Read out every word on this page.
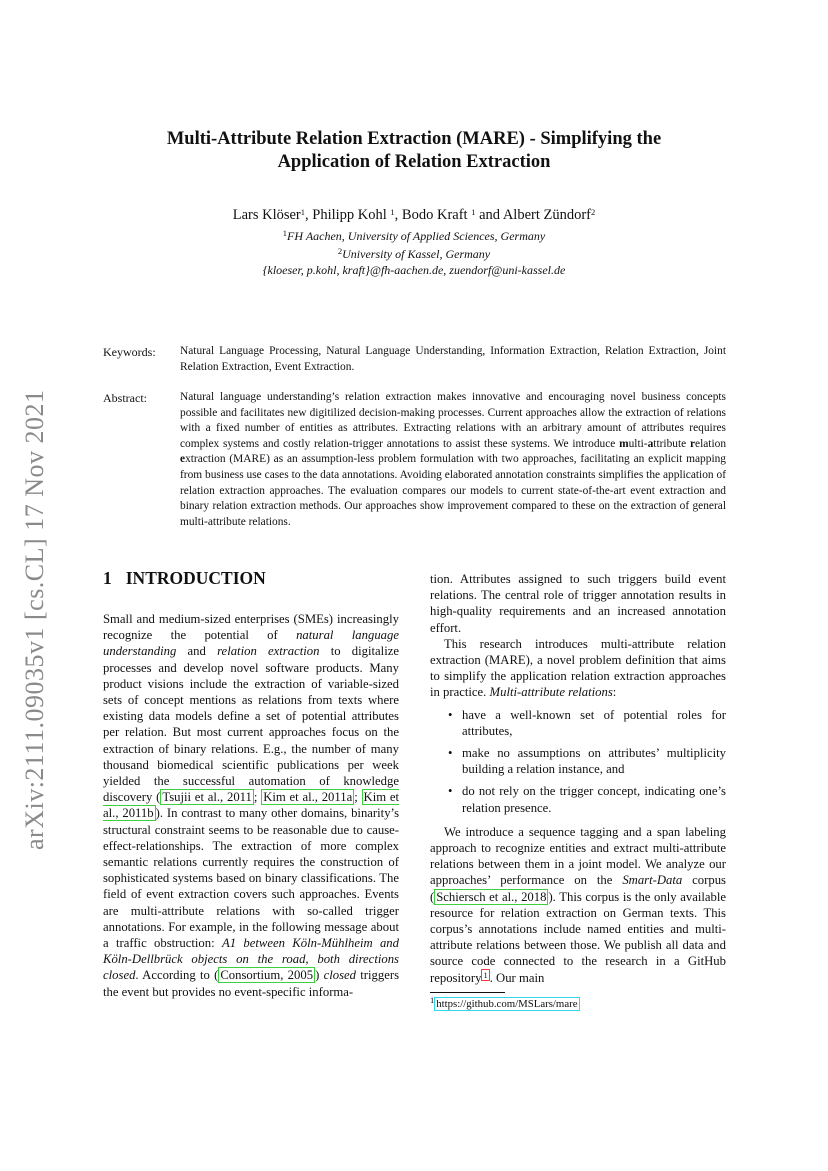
arXiv:2111.09035v1 [cs.CL] 17 Nov 2021
Multi-Attribute Relation Extraction (MARE) - Simplifying the
Application of Relation Extraction
Lars Klöser$^1$, Philipp Kohl $^1$, Bodo Kraft $^1$ and Albert Zündorf$^2$
$^1$FH Aachen, University of Applied Sciences, Germany
$^2$University of Kassel, Germany
{kloeser, p.kohl, kraft}@fh-aachen.de, zuendorf@uni-kassel.de
Keywords: Natural Language Processing, Natural Language Understanding, Information Extraction, Relation Extraction, Joint Relation Extraction, Event Extraction.
Abstract:	Natural language understanding’s relation extraction makes innovative and encouraging novel business concepts possible and facilitates new digitilized decision-making processes. Current approaches allow the extraction of relations with a fixed number of entities as attributes. Extracting relations with an arbitrary amount of attributes requires complex systems and costly relation-trigger annotations to assist these systems. We introduce multi-attribute relation extraction (MARE) as an assumption-less problem formulation with two approaches, facilitating an explicit mapping from business use cases to the data annotations. Avoiding elaborated annotation constraints simplifies the application of relation extraction approaches. The evaluation compares our models to current state-of-the-art event extraction and binary relation extraction methods. Our approaches show improvement compared to these on the extraction of general multi-attribute relations.
1 INTRODUCTION

Small and medium-sized enterprises (SMEs) increasingly recognize the potential of natural language understanding and relation extraction to digitalize processes and develop novel software products. Many product visions include the extraction of variable-sized sets of concept mentions as relations from texts where existing data models define a set of potential attributes per relation. But most current approaches focus on the extraction of binary relations. E.g., the number of many thousand biomedical scientific publications per week yielded the successful automation of knowledge discovery ( Tsujii et al., 2011 ; Kim et al., 2011a ; Kim et al., 2011b ). In contrast to many other domains, binarity’s structural constraint seems to be reasonable due to cause-effect-relationships. The extraction of more complex semantic relations currently requires the construction of sophisticated systems based on binary classifications. The field of event extraction covers such approaches. Events are multi-attribute relations with so-called trigger annotations. For example, in the following message about a traffic obstruction: A1 between Köln-Mühlheim and Köln-Dellbrück objects on the road, both directions closed. According to ( Consortium, 2005 ) closed triggers the event but provides no event-specific informa-

tion. Attributes assigned to such triggers build event relations. The central role of trigger annotation results in high-quality requirements and an increased annotation effort.

This research introduces multi-attribute relation extraction (MARE), a novel problem definition that aims to simplify the application relation extraction approaches in practice. Multi-attribute relations:

• have a well-known set of potential roles for attributes,
• make no assumptions on attributes’ multiplicity building a relation instance, and
• do not rely on the trigger concept, indicating one’s relation presence.

We introduce a sequence tagging and a span labeling approach to recognize entities and extract multi-attribute relations between them in a joint model. We analyze our approaches’ performance on the Smart-Data corpus ( Schiersch et al., 2018 ). This corpus is the only available resource for relation extraction on German texts. This corpus’s annotations include named entities and multi-attribute relations between those. We publish all data and source code connected to the research in a GitHub repository $^1$ . Our main

$^1$ https://github.com/MSLars/mare
